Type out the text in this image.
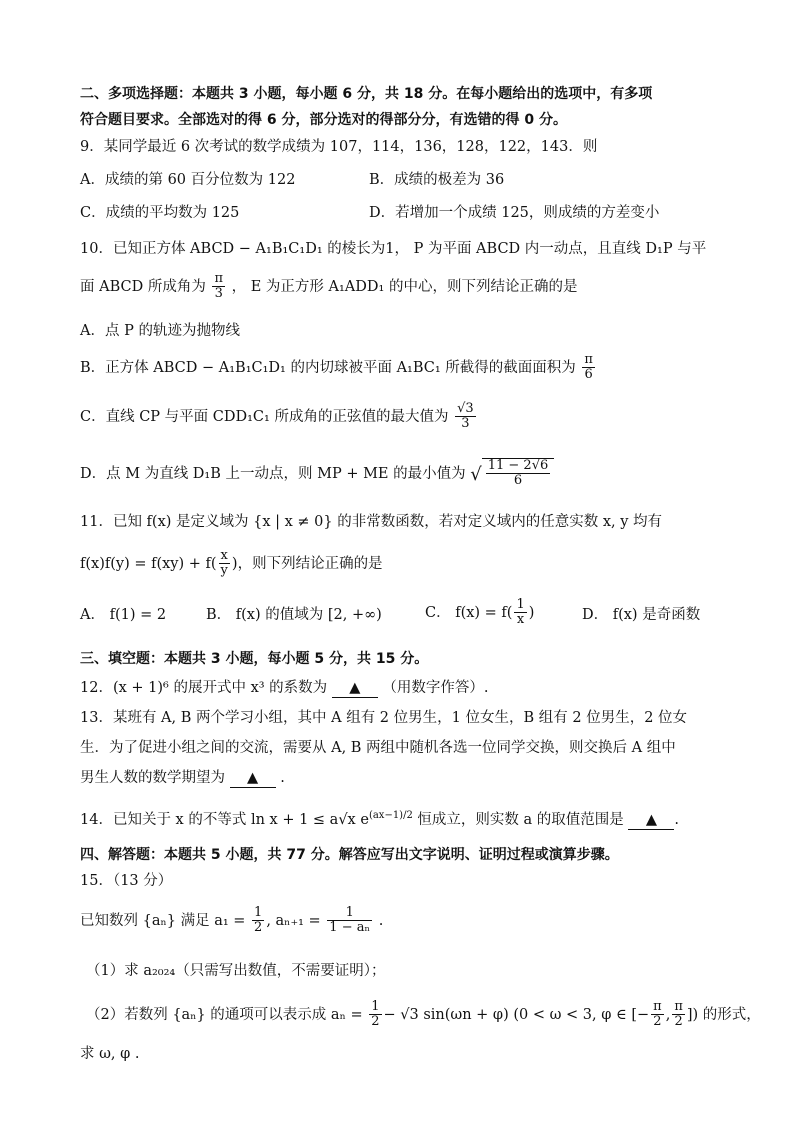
二、多项选择题：本题共 3 小题，每小题 6 分，共 18 分。在每小题给出的选项中，有多项
符合题目要求。全部选对的得 6 分，部分选对的得部分分，有选错的得 0 分。
9．某同学最近 6 次考试的数学成绩为 107，114，136，128，122，143．则
A．成绩的第 60 百分位数为 122	B．成绩的极差为 36
C．成绩的平均数为 125	D．若增加一个成绩 125，则成绩的方差变小
10．已知正方体 ABCD − A₁B₁C₁D₁ 的棱长为1， P 为平面 ABCD 内一动点，且直线 D₁P 与平
面 ABCD 所成角为 $\frac{\pi}{3}$ ， E 为正方形 A₁ADD₁ 的中心，则下列结论正确的是
A．点 P 的轨迹为抛物线
B．正方体 ABCD − A₁B₁C₁D₁ 的内切球被平面 A₁BC₁ 所截得的截面面积为 $\frac{\pi}{6}$
C．直线 CP 与平面 CDD₁C₁ 所成角的正弦值的最大值为 $\frac{√3}{3}$
D．点 M 为直线 D₁B 上一动点，则 MP + ME 的最小值为 √ $\frac{11 - 2√6}{6}$
11．已知 f(x) 是定义域为 {x | x ≠ 0} 的非常数函数，若对定义域内的任意实数 x, y 均有
$f(x)f(y) = f(xy) + f( \frac{x}{y}$ )，则下列结论正确的是
A． f(1) = 2	B． f(x) 的值域为 [2, +∞)	C． $f(x) = f( \frac{1}{x}$ )	D． f(x) 是奇函数
三、填空题：本题共 3 小题，每小题 5 分，共 15 分。
12．(x + 1)⁶ 的展开式中 x³ 的系数为 ▲ （用数字作答）.
13．某班有 A, B 两个学习小组，其中 A 组有 2 位男生，1 位女生，B 组有 2 位男生，2 位女
生．为了促进小组之间的交流，需要从 A, B 两组中随机各选一位同学交换，则交换后 A 组中
男生人数的数学期望为 ▲ .
14．已知关于 x 的不等式 ln x + 1 ≤ a√x $e^{(ax-1)/2}$ 恒成立，则实数 a 的取值范围是 ▲ .
四、解答题：本题共 5 小题，共 77 分。解答应写出文字说明、证明过程或演算步骤。
15．（13 分）
已知数列 {aₙ} 满足 $a_1 = \frac{1}{2}$ , $a_{n+1} = \frac{1}{\text{1 − aₙ}}$ .
（1）求 a₂₀₂₄（只需写出数值，不需要证明）；
（2）若数列 {aₙ} 的通项可以表示成 $a_n = \frac{1}{2} - √3$ sin(ωn + φ) (0 < ω < 3, φ ∈ [− $\frac{\pi}{2}$ , $\frac{\pi}{2}$ ]) 的形式，
求 ω, φ .
